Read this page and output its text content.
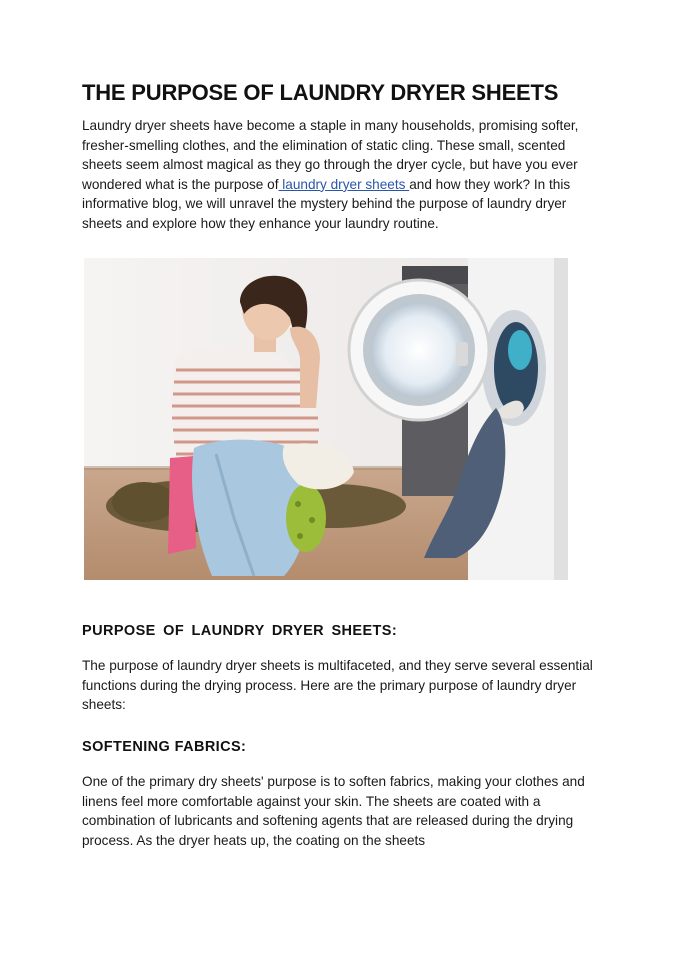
THE PURPOSE OF LAUNDRY DRYER SHEETS

Laundry dryer sheets have become a staple in many households, promising softer, fresher-smelling clothes, and the elimination of static cling. These small, scented sheets seem almost magical as they go through the dryer cycle, but have you ever wondered what is the purpose of laundry dryer sheets and how they work? In this informative blog, we will unravel the mystery behind the purpose of laundry dryer sheets and explore how they enhance your laundry routine.

PURPOSE OF LAUNDRY DRYER SHEETS:

The purpose of laundry dryer sheets is multifaceted, and they serve several essential functions during the drying process. Here are the primary purpose of laundry dryer sheets:

SOFTENING FABRICS:

One of the primary dry sheets' purpose is to soften fabrics, making your clothes and linens feel more comfortable against your skin. The sheets are coated with a combination of lubricants and softening agents that are released during the drying process. As the dryer heats up, the coating on the sheets
